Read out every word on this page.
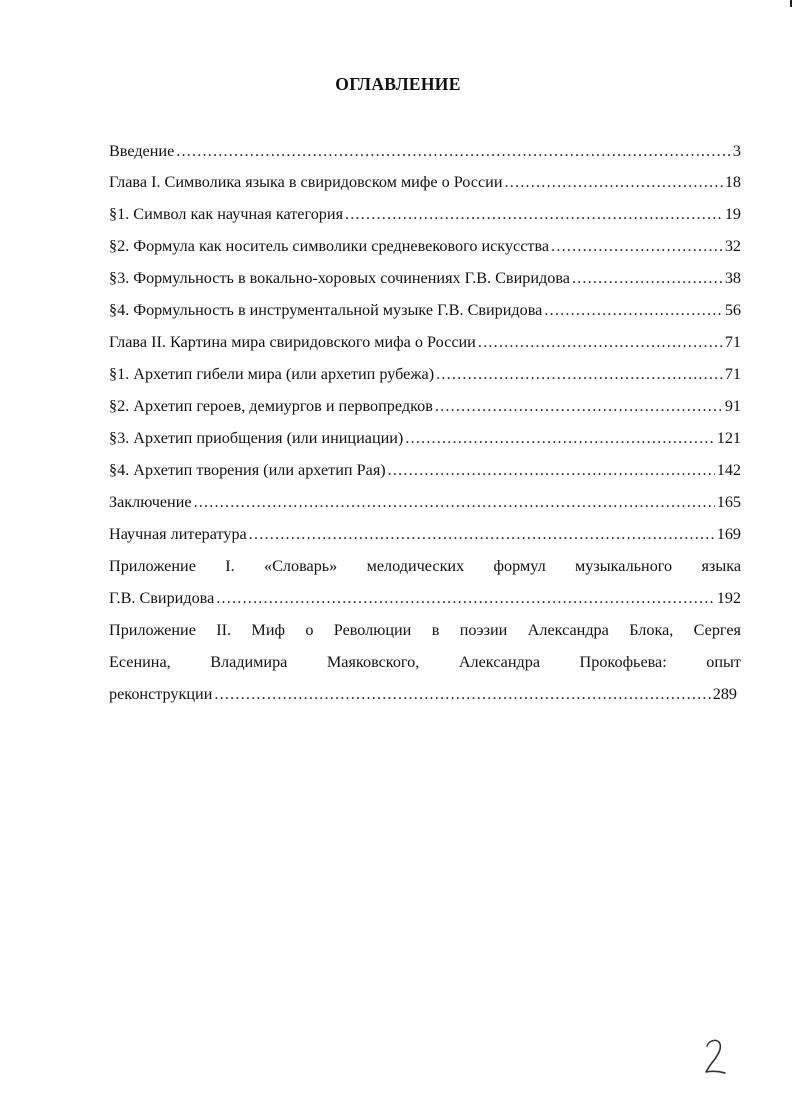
ОГЛАВЛЕНИЕ
Введение .....	3
Глава I. Символика языка в свиридовском мифе о России .....	18
§1. Символ как научная категория .....	19
§2. Формула как носитель символики средневекового искусства .....	32
§3. Формульность в вокально-хоровых сочинениях Г.В. Свиридова .....	38
§4. Формульность в инструментальной музыке Г.В. Свиридова .....	56
Глава II. Картина мира свиридовского мифа о России .....	71
§1. Архетип гибели мира (или архетип рубежа) .....	71
§2. Архетип героев, демиургов и первопредков .....	91
§3. Архетип приобщения (или инициации) .....	121
§4. Архетип творения (или архетип Рая) .....	142
Заключение .....	165
Научная литература .....	169
Приложение I. «Словарь» мелодических формул музыкального языка
Г.В. Свиридова .....	192
Приложение II. Миф о Революции в поэзии Александра Блока, Сергея
Есенина, Владимира Маяковского, Александра Прокофьева: опыт
реконструкции .....	289
